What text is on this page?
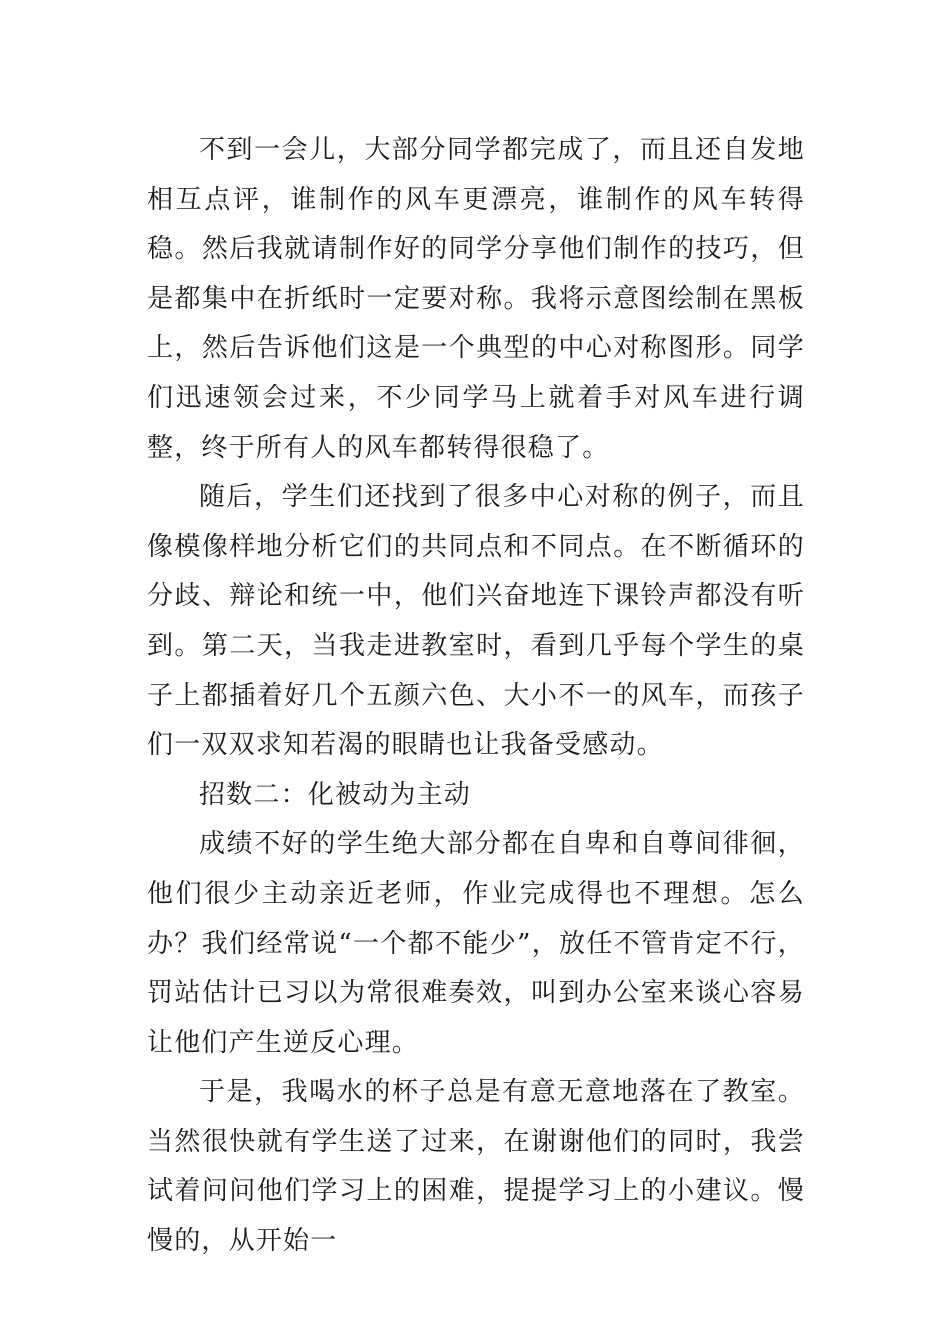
不到一会儿，大部分同学都完成了，而且还自发地相互点评，谁制作的风车更漂亮，谁制作的风车转得稳。然后我就请制作好的同学分享他们制作的技巧，但是都集中在折纸时一定要对称。我将示意图绘制在黑板上，然后告诉他们这是一个典型的中心对称图形。同学们迅速领会过来，不少同学马上就着手对风车进行调整，终于所有人的风车都转得很稳了。

随后，学生们还找到了很多中心对称的例子，而且像模像样地分析它们的共同点和不同点。在不断循环的分歧、辩论和统一中，他们兴奋地连下课铃声都没有听到。第二天，当我走进教室时，看到几乎每个学生的桌子上都插着好几个五颜六色、大小不一的风车，而孩子们一双双求知若渴的眼睛也让我备受感动。

招数二：化被动为主动

成绩不好的学生绝大部分都在自卑和自尊间徘徊，他们很少主动亲近老师，作业完成得也不理想。怎么办？我们经常说“一个都不能少”，放任不管肯定不行，罚站估计已习以为常很难奏效，叫到办公室来谈心容易让他们产生逆反心理。

于是，我喝水的杯子总是有意无意地落在了教室。当然很快就有学生送了过来，在谢谢他们的同时，我尝试着问问他们学习上的困难，提提学习上的小建议。慢慢的，从开始一
